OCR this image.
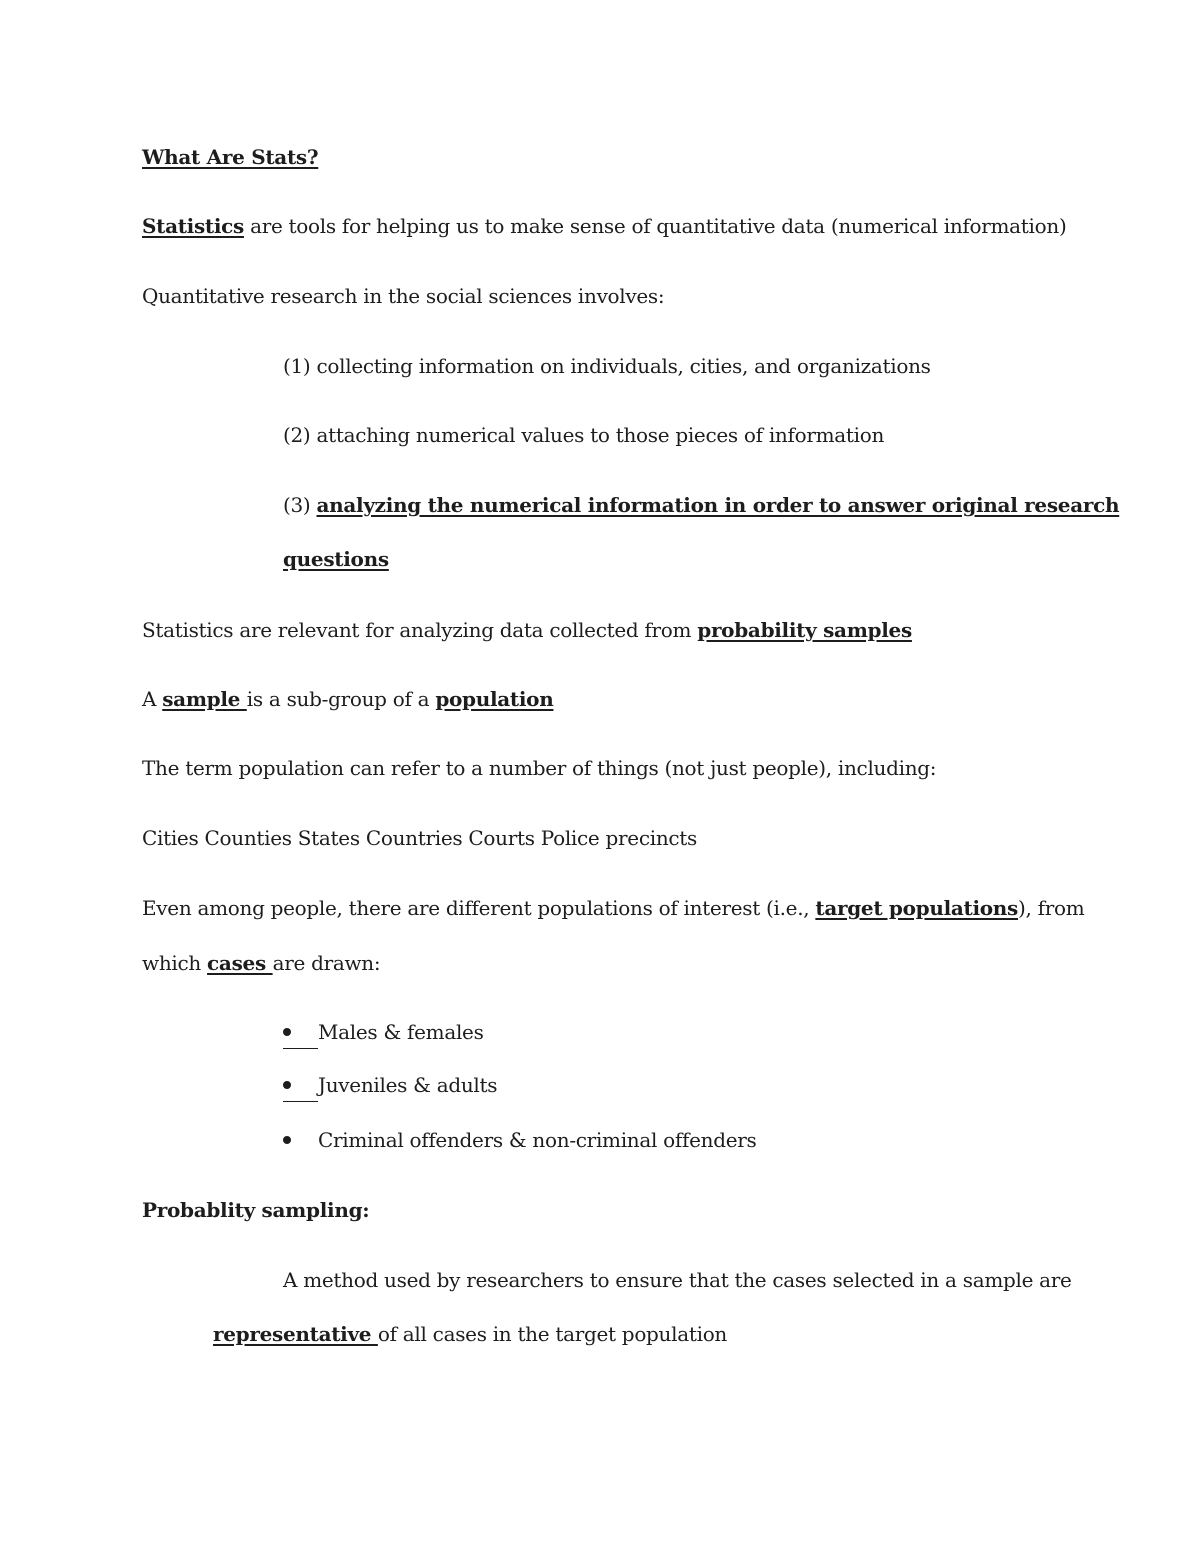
What Are Stats?
Statistics are tools for helping us to make sense of quantitative data (numerical information)
Quantitative research in the social sciences involves:
(1) collecting information on individuals, cities, and organizations
(2) attaching numerical values to those pieces of information
(3) analyzing the numerical information in order to answer original research
questions
Statistics are relevant for analyzing data collected from probability samples
A sample is a sub-group of a population
The term population can refer to a number of things (not just people), including:
Cities Counties States Countries Courts Police precincts
Even among people, there are different populations of interest (i.e., target populations), from
which cases are drawn:
Males & females
Juveniles & adults
Criminal offenders & non-criminal offenders
Probablity sampling:
A method used by researchers to ensure that the cases selected in a sample are
representative of all cases in the target population
